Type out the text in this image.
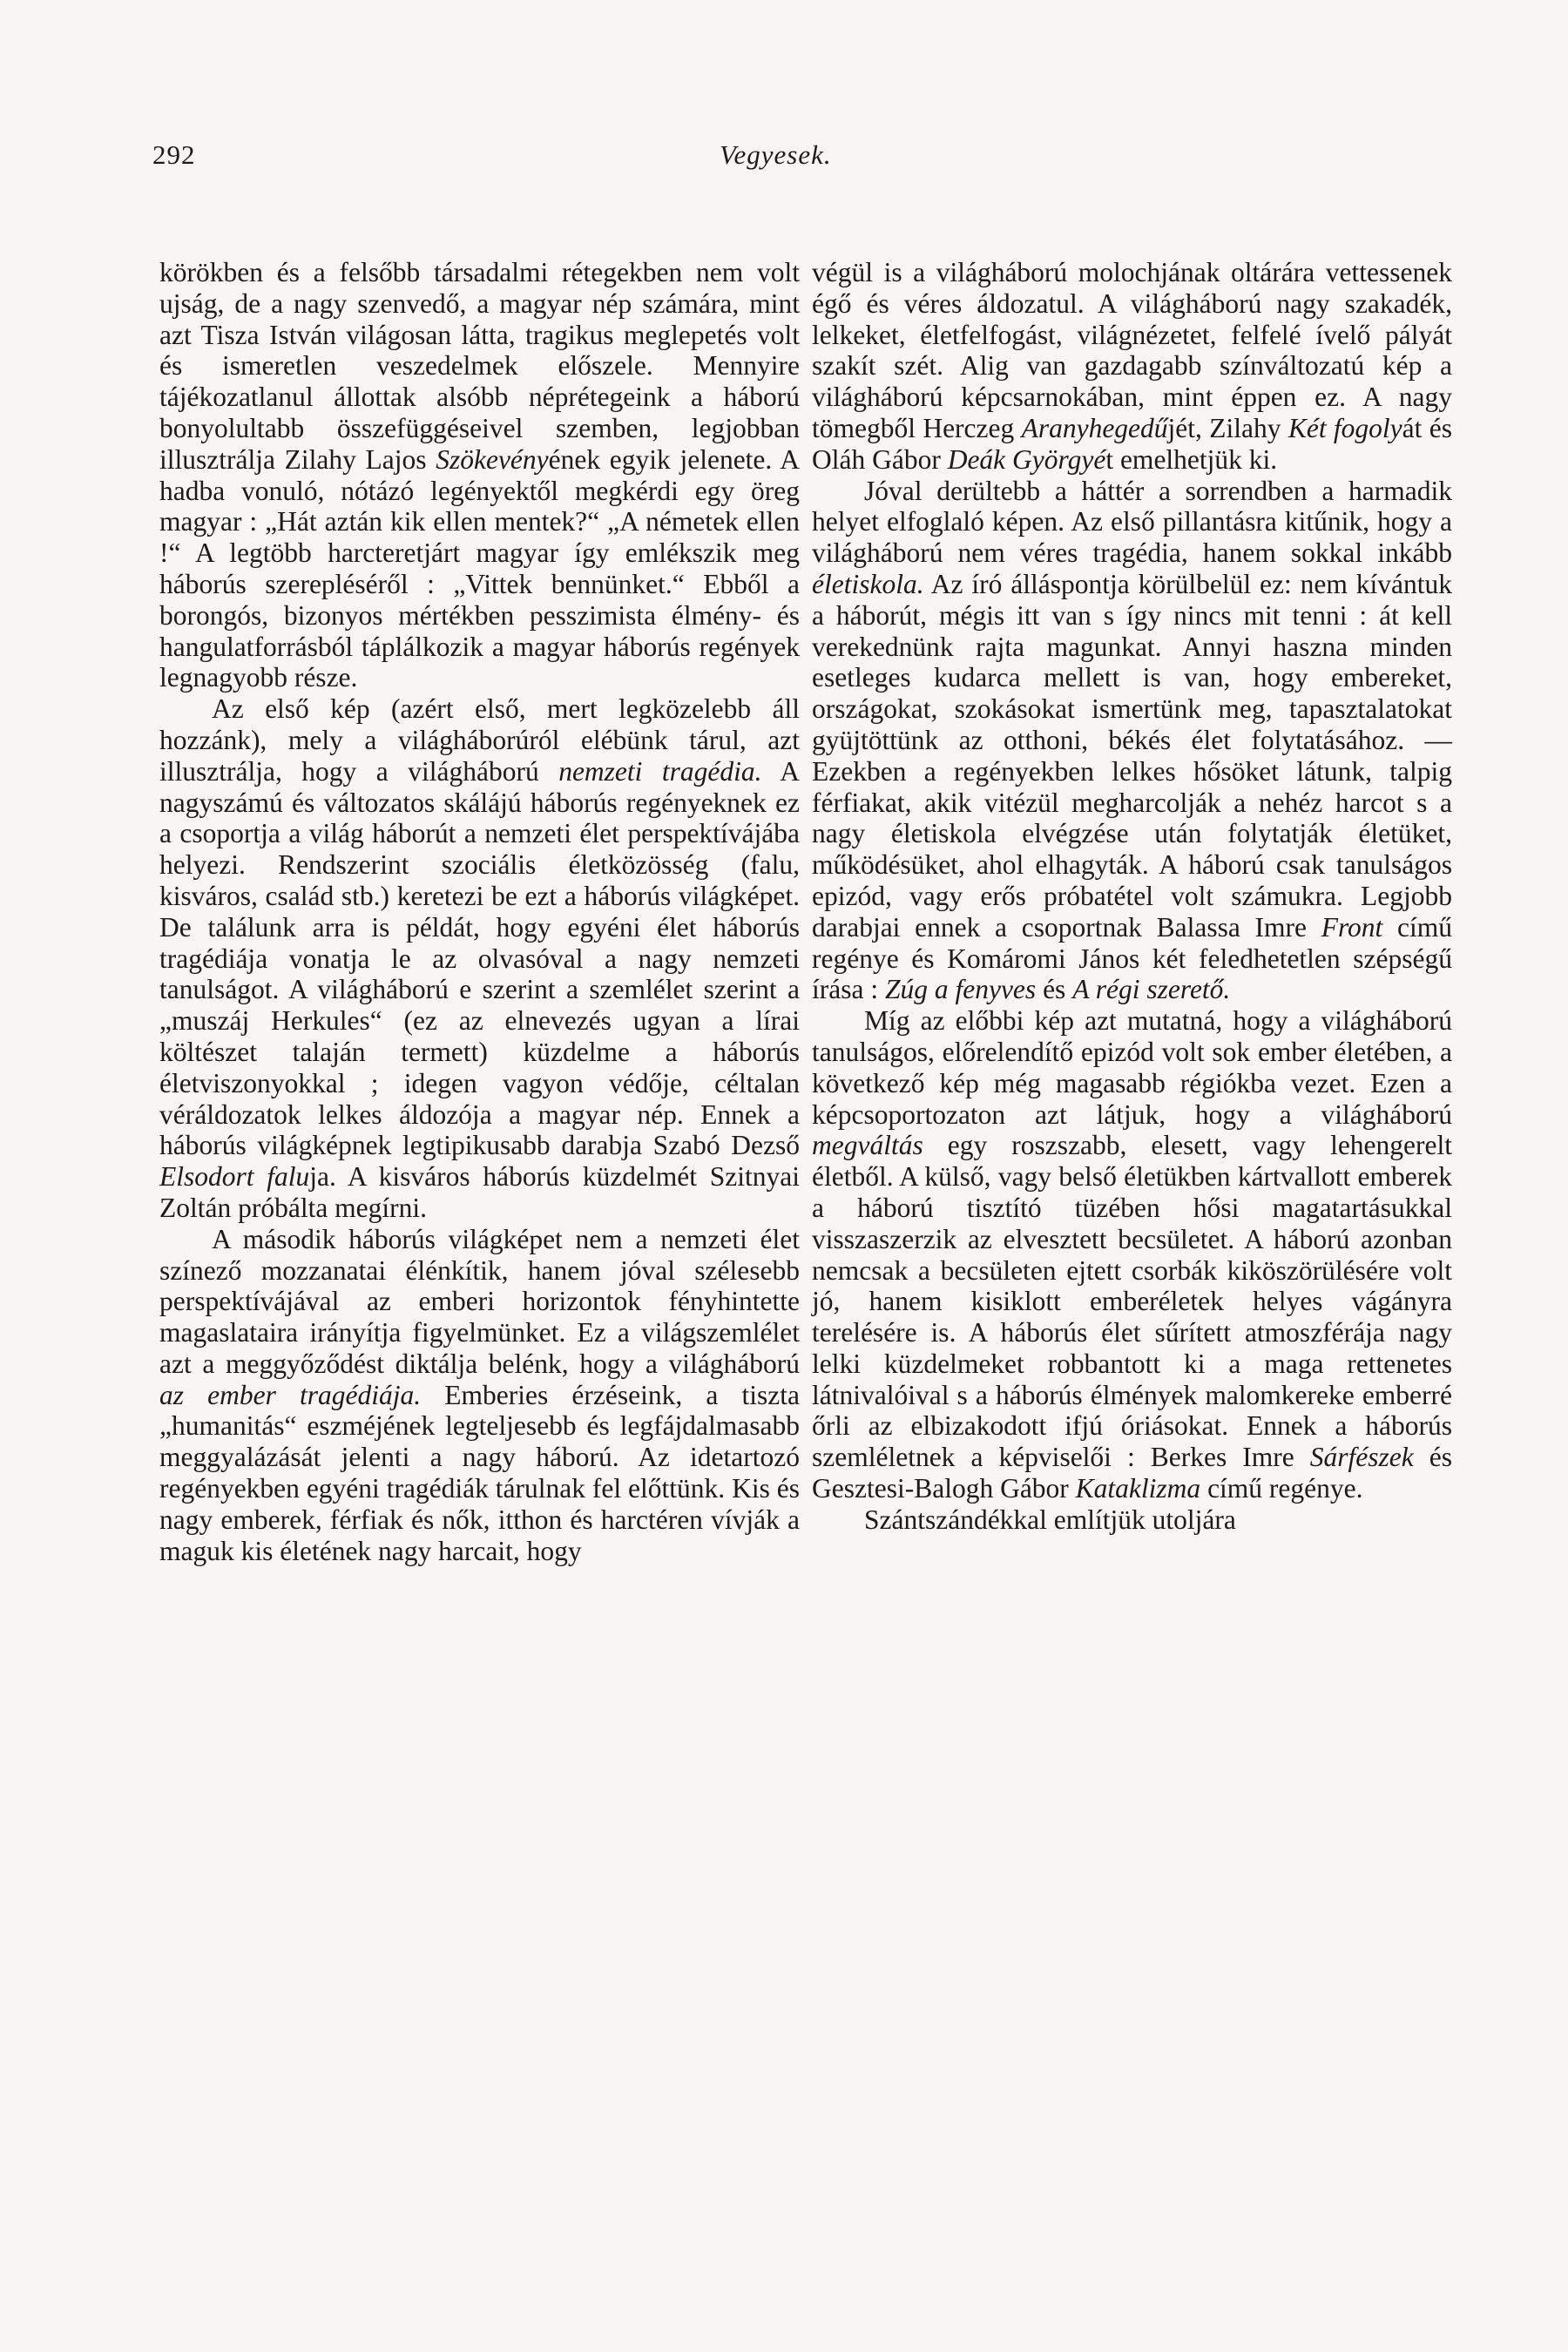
292	Vegyesek.

körökben és a felsőbb társadalmi rétegekben nem volt ujság, de a nagy szenvedő, a magyar nép számára, mint azt Tisza István világosan látta, tragikus meglepetés volt és ismeretlen veszedelmek előszele. Mennyire tájékozatlanul állottak alsóbb néprétegeink a háború bonyolultabb összefüggéseivel szemben, legjobban illusztrálja Zilahy Lajos Szökevényének egyik jelenete. A hadba vonuló, nótázó legényektől megkérdi egy öreg magyar : „Hát aztán kik ellen mentek?“ „A németek ellen !“ A legtöbb harcteretjárt magyar így emlékszik meg háborús szerepléséről : „Vittek bennünket.“ Ebből a borongós, bizonyos mértékben pesszimista élmény- és hangulatforrásból táplálkozik a magyar háborús regények legnagyobb része.

Az első kép (azért első, mert legközelebb áll hozzánk), mely a világháborúról elébünk tárul, azt illusztrálja, hogy a világháború nemzeti tragédia. A nagyszámú és változatos skálájú háborús regényeknek ez a csoportja a világ háborút a nemzeti élet perspektívájába helyezi. Rendszerint szociális életközösség (falu, kisváros, család stb.) keretezi be ezt a háborús világképet. De találunk arra is példát, hogy egyéni élet háborús tragédiája vonatja le az olvasóval a nagy nemzeti tanulságot. A világháború e szerint a szemlélet szerint a „muszáj Herkules“ (ez az elnevezés ugyan a lírai költészet talaján termett) küzdelme a háborús életviszonyokkal ; idegen vagyon védője, céltalan véráldozatok lelkes áldozója a magyar nép. Ennek a háborús világképnek legtipikusabb darabja Szabó Dezső Elsodort faluja. A kisváros háborús küzdelmét Szitnyai Zoltán próbálta megírni.

A második háborús világképet nem a nemzeti élet színező mozzanatai élénkítik, hanem jóval szélesebb perspektívájával az emberi horizontok fényhintette magaslataira irányítja figyelmünket. Ez a világszemlélet azt a meggyőződést diktálja belénk, hogy a világháború az ember tragédiája. Emberies érzéseink, a tiszta „humanitás“ eszméjének legteljesebb és legfájdalmasabb meggyalázását jelenti a nagy háború. Az idetartozó regényekben egyéni tragédiák tárulnak fel előttünk. Kis és nagy emberek, férfiak és nők, itthon és harctéren vívják a maguk kis életének nagy harcait, hogy

végül is a világháború molochjának oltárára vettessenek égő és véres áldozatul. A világháború nagy szakadék, lelkeket, életfelfogást, világnézetet, felfelé ívelő pályát szakít szét. Alig van gazdagabb színváltozatú kép a világháború képcsarnokában, mint éppen ez. A nagy tömegből Herczeg Aranyhegedűjét, Zilahy Két fogolyát és Oláh Gábor Deák Györgyét emelhetjük ki.

Jóval derültebb a háttér a sorrendben a harmadik helyet elfoglaló képen. Az első pillantásra kitűnik, hogy a világháború nem véres tragédia, hanem sokkal inkább életiskola. Az író álláspontja körülbelül ez: nem kívántuk a háborút, mégis itt van s így nincs mit tenni : át kell verekednünk rajta magunkat. Annyi haszna minden esetleges kudarca mellett is van, hogy embereket, országokat, szokásokat ismertünk meg, tapasztalatokat gyüjtöttünk az otthoni, békés élet folytatásához. — Ezekben a regényekben lelkes hősöket látunk, talpig férfiakat, akik vitézül megharcolják a nehéz harcot s a nagy életiskola elvégzése után folytatják életüket, működésüket, ahol elhagyták. A háború csak tanulságos epizód, vagy erős próbatétel volt számukra. Legjobb darabjai ennek a csoportnak Balassa Imre Front című regénye és Komáromi János két feledhetetlen szépségű írása : Zúg a fenyves és A régi szerető.

Míg az előbbi kép azt mutatná, hogy a világháború tanulságos, előrelendítő epizód volt sok ember életében, a következő kép még magasabb régiókba vezet. Ezen a képcsoportozaton azt látjuk, hogy a világháború megváltás egy roszszabb, elesett, vagy lehengerelt életből. A külső, vagy belső életükben kártvallott emberek a háború tisztító tüzében hősi magatartásukkal visszaszerzik az elvesztett becsületet. A háború azonban nemcsak a becsületen ejtett csorbák kiköszörülésére volt jó, hanem kisiklott emberéletek helyes vágányra terelésére is. A háborús élet sűrített atmoszférája nagy lelki küzdelmeket robbantott ki a maga rettenetes látnivalóival s a háborús élmények malomkereke emberré őrli az elbizakodott ifjú óriásokat. Ennek a háborús szemléletnek a képviselői : Berkes Imre Sárfészek és Gesztesi-Balogh Gábor Kataklizma című regénye.

Szántszándékkal említjük utoljára
